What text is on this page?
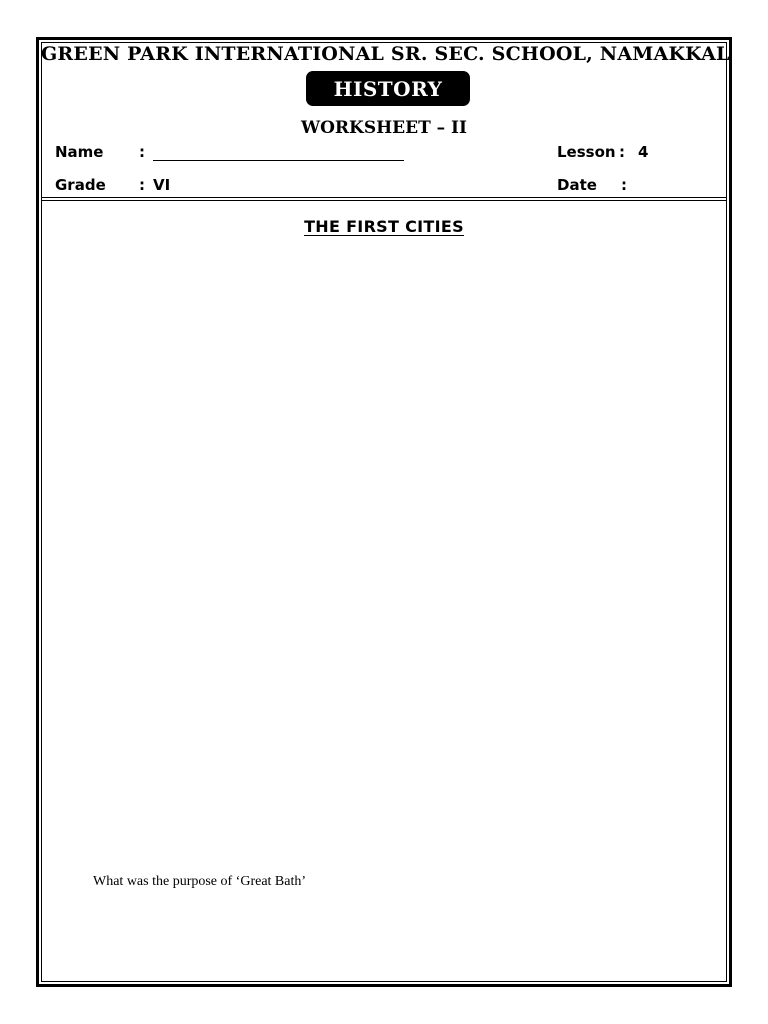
GREEN PARK INTERNATIONAL SR. SEC. SCHOOL, NAMAKKAL
HISTORY
WORKSHEET – II
Name :	Lesson : 4
Grade : VI	Date :
THE FIRST CITIES
What was the purpose of ‘Great Bath’
